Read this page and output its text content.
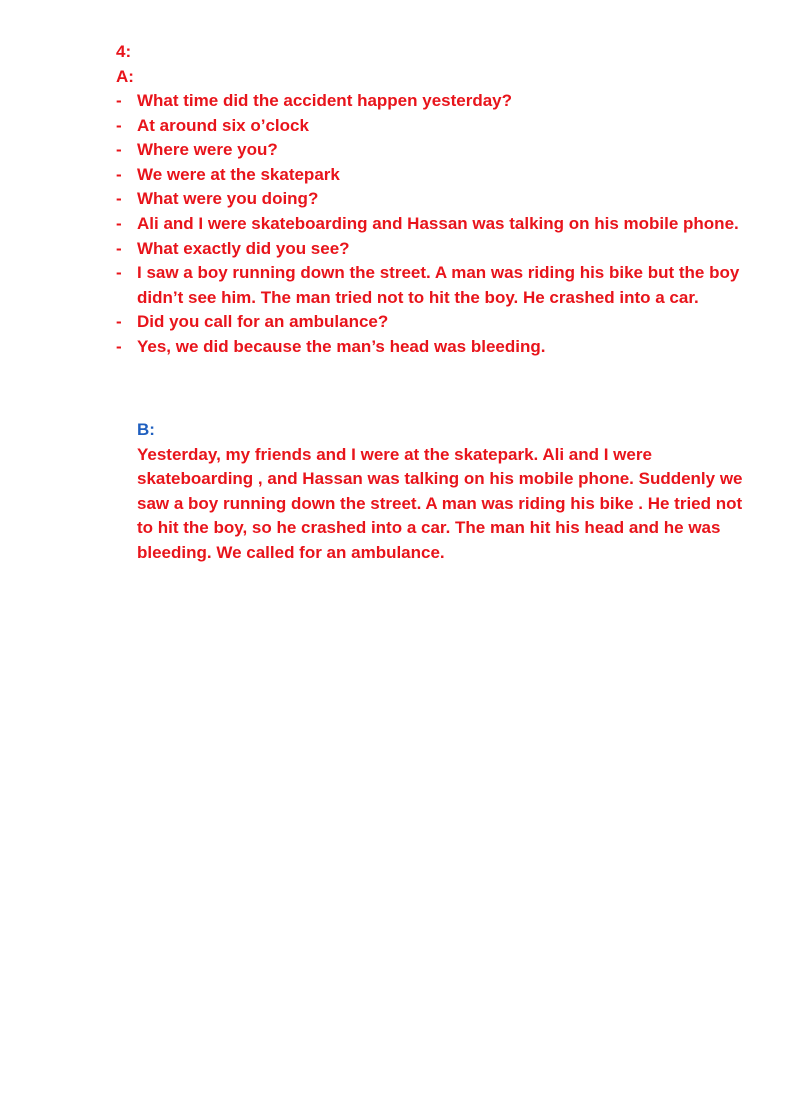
4:
A:
- What time did the accident happen yesterday?
- At around six o’clock
- Where were you?
- We were at the skatepark
- What were you doing?
- Ali and I were skateboarding and Hassan was talking on his mobile phone.
- What exactly did you see?
- I saw a boy running down the street. A man was riding his bike but the boy didn’t see him. The man tried not to hit the boy. He crashed into a car.
- Did you call for an ambulance?
- Yes, we did because the man’s head was bleeding.
B:

Yesterday, my friends and I were at the skatepark. Ali and I were skateboarding , and Hassan was talking on his mobile phone. Suddenly we saw a boy running down the street. A man was riding his bike . He tried not to hit the boy, so he crashed into a car. The man hit his head and he was bleeding. We called for an ambulance.
